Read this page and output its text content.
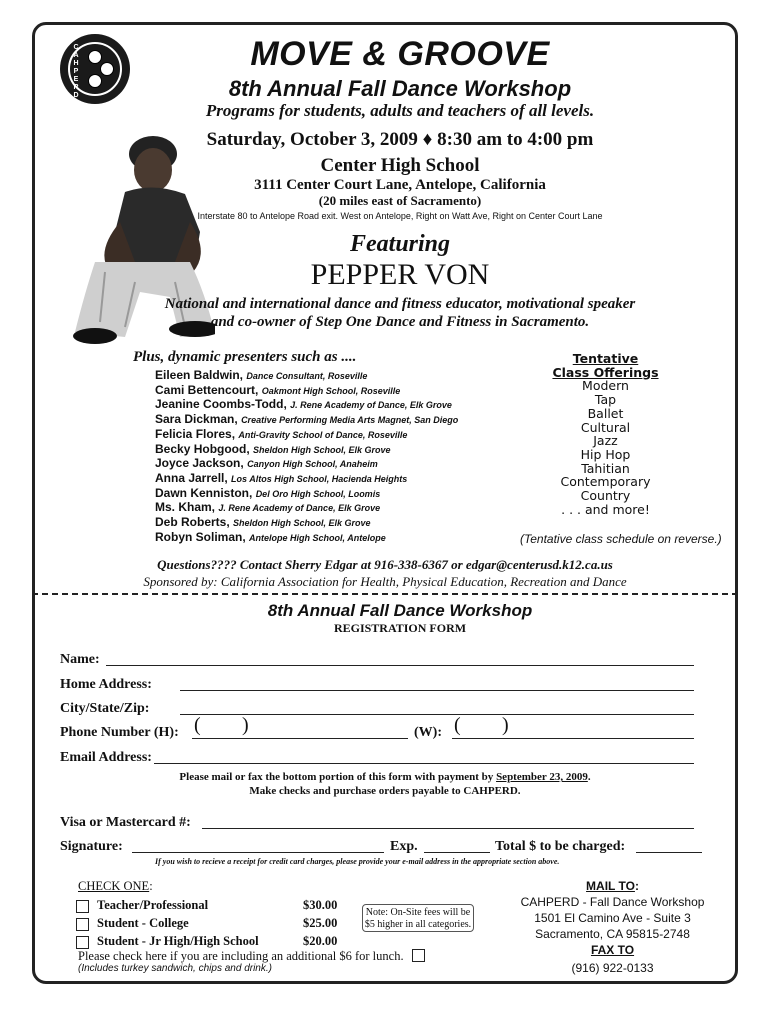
C
A
H
P
E
R
D
MOVE & GROOVE
8th Annual Fall Dance Workshop
Programs for students, adults and teachers of all levels.
Saturday, October 3, 2009 ♦ 8:30 am to 4:00 pm
Center High School
3111 Center Court Lane, Antelope, California
(20 miles east of Sacramento)
Interstate 80 to Antelope Road exit. West on Antelope, Right on Watt Ave, Right on Center Court Lane
Featuring
PEPPER VON
National and international dance and fitness educator, motivational speaker
and co-owner of Step One Dance and Fitness in Sacramento.
Plus, dynamic presenters such as ....
Eileen Baldwin, Dance Consultant, Roseville
Cami Bettencourt, Oakmont High School, Roseville
Jeanine Coombs-Todd, J. Rene Academy of Dance, Elk Grove
Sara Dickman, Creative Performing Media Arts Magnet, San Diego
Felicia Flores, Anti-Gravity School of Dance, Roseville
Becky Hobgood, Sheldon High School, Elk Grove
Joyce Jackson, Canyon High School, Anaheim
Anna Jarrell, Los Altos High School, Hacienda Heights
Dawn Kenniston, Del Oro High School, Loomis
Ms. Kham, J. Rene Academy of Dance, Elk Grove
Deb Roberts, Sheldon High School, Elk Grove
Robyn Soliman, Antelope High School, Antelope
Tentative
Class Offerings
Modern
Tap
Ballet
Cultural
Jazz
Hip Hop
Tahitian
Contemporary
Country
. . . and more!
(Tentative class schedule on reverse.)
Questions???? Contact Sherry Edgar at 916-338-6367 or edgar@centerusd.k12.ca.us
Sponsored by: California Association for Health, Physical Education, Recreation and Dance
8th Annual Fall Dance Workshop
REGISTRATION FORM
Name:
Home Address:
City/State/Zip:
Phone Number (H): ( )	(W): ( )
Email Address:
Please mail or fax the bottom portion of this form with payment by September 23, 2009.
Make checks and purchase orders payable to CAHPERD.
Visa or Mastercard #:
Signature:	Exp.	Total $ to be charged:
If you wish to recieve a receipt for credit card charges, please provide your e-mail address in the appropriate section above.
CHECK ONE:
Teacher/Professional	$30.00
Student - College	$25.00
Student - Jr High/High School	$20.00
Note: On-Site fees will be
$5 higher in all categories.
Please check here if you are including an additional $6 for lunch.
(Includes turkey sandwich, chips and drink.)
MAIL TO:
CAHPERD - Fall Dance Workshop
1501 El Camino Ave - Suite 3
Sacramento, CA 95815-2748
FAX TO
(916) 922-0133
